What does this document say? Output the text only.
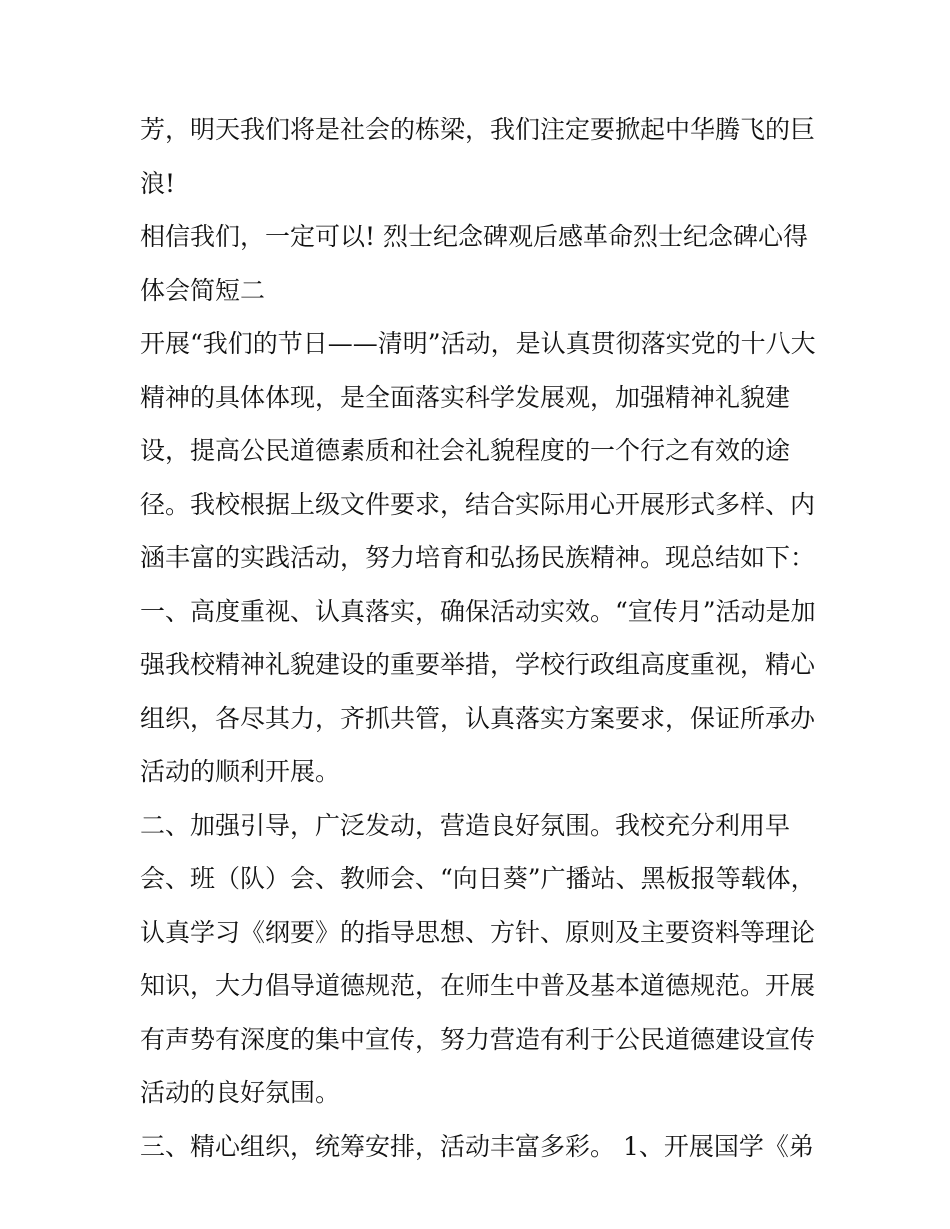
芳，明天我们将是社会的栋梁，我们注定要掀起中华腾飞的巨
浪!
相信我们，一定可以! 烈士纪念碑观后感革命烈士纪念碑心得
体会简短二
开展“我们的节日——清明”活动，是认真贯彻落实党的十八大
精神的具体体现，是全面落实科学发展观，加强精神礼貌建
设，提高公民道德素质和社会礼貌程度的一个行之有效的途
径。我校根据上级文件要求，结合实际用心开展形式多样、内
涵丰富的实践活动，努力培育和弘扬民族精神。现总结如下：
一、高度重视、认真落实，确保活动实效。“宣传月”活动是加
强我校精神礼貌建设的重要举措，学校行政组高度重视，精心
组织，各尽其力，齐抓共管，认真落实方案要求，保证所承办
活动的顺利开展。
二、加强引导，广泛发动，营造良好氛围。我校充分利用早
会、班（队）会、教师会、“向日葵”广播站、黑板报等载体，
认真学习《纲要》的指导思想、方针、原则及主要资料等理论
知识，大力倡导道德规范，在师生中普及基本道德规范。开展
有声势有深度的集中宣传，努力营造有利于公民道德建设宣传
活动的良好氛围。
三、精心组织，统筹安排，活动丰富多彩。 1、开展国学《弟
